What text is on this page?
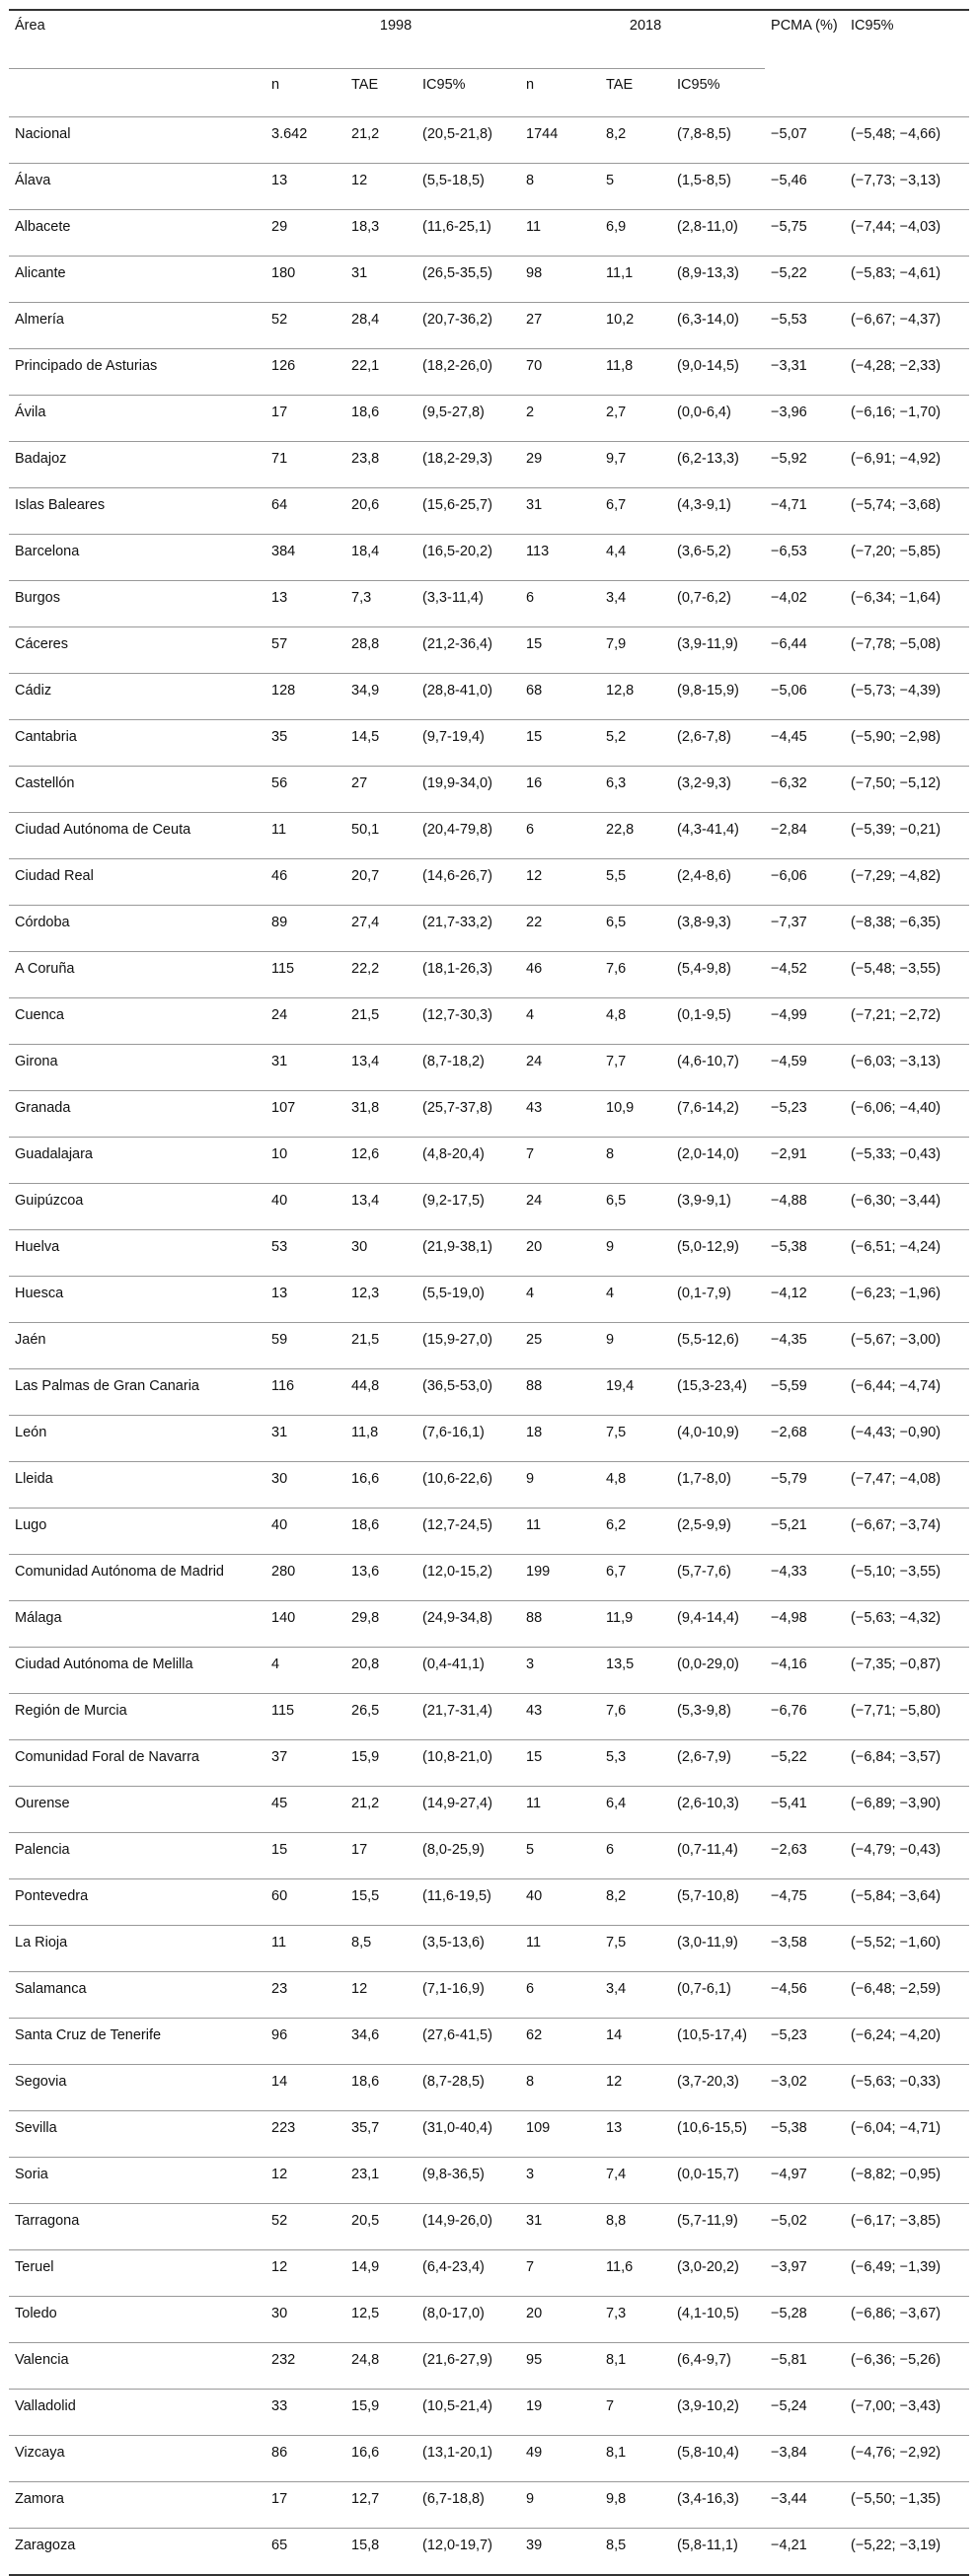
Área	1998			2018			PCMA (%)	IC95%
	n	TAE	IC95%	n	TAE	IC95%		
Nacional	3.642	21,2	(20,5-21,8)	1744	8,2	(7,8-8,5)	−5,07	(−5,48; −4,66)
Álava	13	12	(5,5-18,5)	8	5	(1,5-8,5)	−5,46	(−7,73; −3,13)
Albacete	29	18,3	(11,6-25,1)	11	6,9	(2,8-11,0)	−5,75	(−7,44; −4,03)
Alicante	180	31	(26,5-35,5)	98	11,1	(8,9-13,3)	−5,22	(−5,83; −4,61)
Almería	52	28,4	(20,7-36,2)	27	10,2	(6,3-14,0)	−5,53	(−6,67; −4,37)
Principado de Asturias	126	22,1	(18,2-26,0)	70	11,8	(9,0-14,5)	−3,31	(−4,28; −2,33)
Ávila	17	18,6	(9,5-27,8)	2	2,7	(0,0-6,4)	−3,96	(−6,16; −1,70)
Badajoz	71	23,8	(18,2-29,3)	29	9,7	(6,2-13,3)	−5,92	(−6,91; −4,92)
Islas Baleares	64	20,6	(15,6-25,7)	31	6,7	(4,3-9,1)	−4,71	(−5,74; −3,68)
Barcelona	384	18,4	(16,5-20,2)	113	4,4	(3,6-5,2)	−6,53	(−7,20; −5,85)
Burgos	13	7,3	(3,3-11,4)	6	3,4	(0,7-6,2)	−4,02	(−6,34; −1,64)
Cáceres	57	28,8	(21,2-36,4)	15	7,9	(3,9-11,9)	−6,44	(−7,78; −5,08)
Cádiz	128	34,9	(28,8-41,0)	68	12,8	(9,8-15,9)	−5,06	(−5,73; −4,39)
Cantabria	35	14,5	(9,7-19,4)	15	5,2	(2,6-7,8)	−4,45	(−5,90; −2,98)
Castellón	56	27	(19,9-34,0)	16	6,3	(3,2-9,3)	−6,32	(−7,50; −5,12)
Ciudad Autónoma de Ceuta	11	50,1	(20,4-79,8)	6	22,8	(4,3-41,4)	−2,84	(−5,39; −0,21)
Ciudad Real	46	20,7	(14,6-26,7)	12	5,5	(2,4-8,6)	−6,06	(−7,29; −4,82)
Córdoba	89	27,4	(21,7-33,2)	22	6,5	(3,8-9,3)	−7,37	(−8,38; −6,35)
A Coruña	115	22,2	(18,1-26,3)	46	7,6	(5,4-9,8)	−4,52	(−5,48; −3,55)
Cuenca	24	21,5	(12,7-30,3)	4	4,8	(0,1-9,5)	−4,99	(−7,21; −2,72)
Girona	31	13,4	(8,7-18,2)	24	7,7	(4,6-10,7)	−4,59	(−6,03; −3,13)
Granada	107	31,8	(25,7-37,8)	43	10,9	(7,6-14,2)	−5,23	(−6,06; −4,40)
Guadalajara	10	12,6	(4,8-20,4)	7	8	(2,0-14,0)	−2,91	(−5,33; −0,43)
Guipúzcoa	40	13,4	(9,2-17,5)	24	6,5	(3,9-9,1)	−4,88	(−6,30; −3,44)
Huelva	53	30	(21,9-38,1)	20	9	(5,0-12,9)	−5,38	(−6,51; −4,24)
Huesca	13	12,3	(5,5-19,0)	4	4	(0,1-7,9)	−4,12	(−6,23; −1,96)
Jaén	59	21,5	(15,9-27,0)	25	9	(5,5-12,6)	−4,35	(−5,67; −3,00)
Las Palmas de Gran Canaria	116	44,8	(36,5-53,0)	88	19,4	(15,3-23,4)	−5,59	(−6,44; −4,74)
León	31	11,8	(7,6-16,1)	18	7,5	(4,0-10,9)	−2,68	(−4,43; −0,90)
Lleida	30	16,6	(10,6-22,6)	9	4,8	(1,7-8,0)	−5,79	(−7,47; −4,08)
Lugo	40	18,6	(12,7-24,5)	11	6,2	(2,5-9,9)	−5,21	(−6,67; −3,74)
Comunidad Autónoma de Madrid	280	13,6	(12,0-15,2)	199	6,7	(5,7-7,6)	−4,33	(−5,10; −3,55)
Málaga	140	29,8	(24,9-34,8)	88	11,9	(9,4-14,4)	−4,98	(−5,63; −4,32)
Ciudad Autónoma de Melilla	4	20,8	(0,4-41,1)	3	13,5	(0,0-29,0)	−4,16	(−7,35; −0,87)
Región de Murcia	115	26,5	(21,7-31,4)	43	7,6	(5,3-9,8)	−6,76	(−7,71; −5,80)
Comunidad Foral de Navarra	37	15,9	(10,8-21,0)	15	5,3	(2,6-7,9)	−5,22	(−6,84; −3,57)
Ourense	45	21,2	(14,9-27,4)	11	6,4	(2,6-10,3)	−5,41	(−6,89; −3,90)
Palencia	15	17	(8,0-25,9)	5	6	(0,7-11,4)	−2,63	(−4,79; −0,43)
Pontevedra	60	15,5	(11,6-19,5)	40	8,2	(5,7-10,8)	−4,75	(−5,84; −3,64)
La Rioja	11	8,5	(3,5-13,6)	11	7,5	(3,0-11,9)	−3,58	(−5,52; −1,60)
Salamanca	23	12	(7,1-16,9)	6	3,4	(0,7-6,1)	−4,56	(−6,48; −2,59)
Santa Cruz de Tenerife	96	34,6	(27,6-41,5)	62	14	(10,5-17,4)	−5,23	(−6,24; −4,20)
Segovia	14	18,6	(8,7-28,5)	8	12	(3,7-20,3)	−3,02	(−5,63; −0,33)
Sevilla	223	35,7	(31,0-40,4)	109	13	(10,6-15,5)	−5,38	(−6,04; −4,71)
Soria	12	23,1	(9,8-36,5)	3	7,4	(0,0-15,7)	−4,97	(−8,82; −0,95)
Tarragona	52	20,5	(14,9-26,0)	31	8,8	(5,7-11,9)	−5,02	(−6,17; −3,85)
Teruel	12	14,9	(6,4-23,4)	7	11,6	(3,0-20,2)	−3,97	(−6,49; −1,39)
Toledo	30	12,5	(8,0-17,0)	20	7,3	(4,1-10,5)	−5,28	(−6,86; −3,67)
Valencia	232	24,8	(21,6-27,9)	95	8,1	(6,4-9,7)	−5,81	(−6,36; −5,26)
Valladolid	33	15,9	(10,5-21,4)	19	7	(3,9-10,2)	−5,24	(−7,00; −3,43)
Vizcaya	86	16,6	(13,1-20,1)	49	8,1	(5,8-10,4)	−3,84	(−4,76; −2,92)
Zamora	17	12,7	(6,7-18,8)	9	9,8	(3,4-16,3)	−3,44	(−5,50; −1,35)
Zaragoza	65	15,8	(12,0-19,7)	39	8,5	(5,8-11,1)	−4,21	(−5,22; −3,19)
